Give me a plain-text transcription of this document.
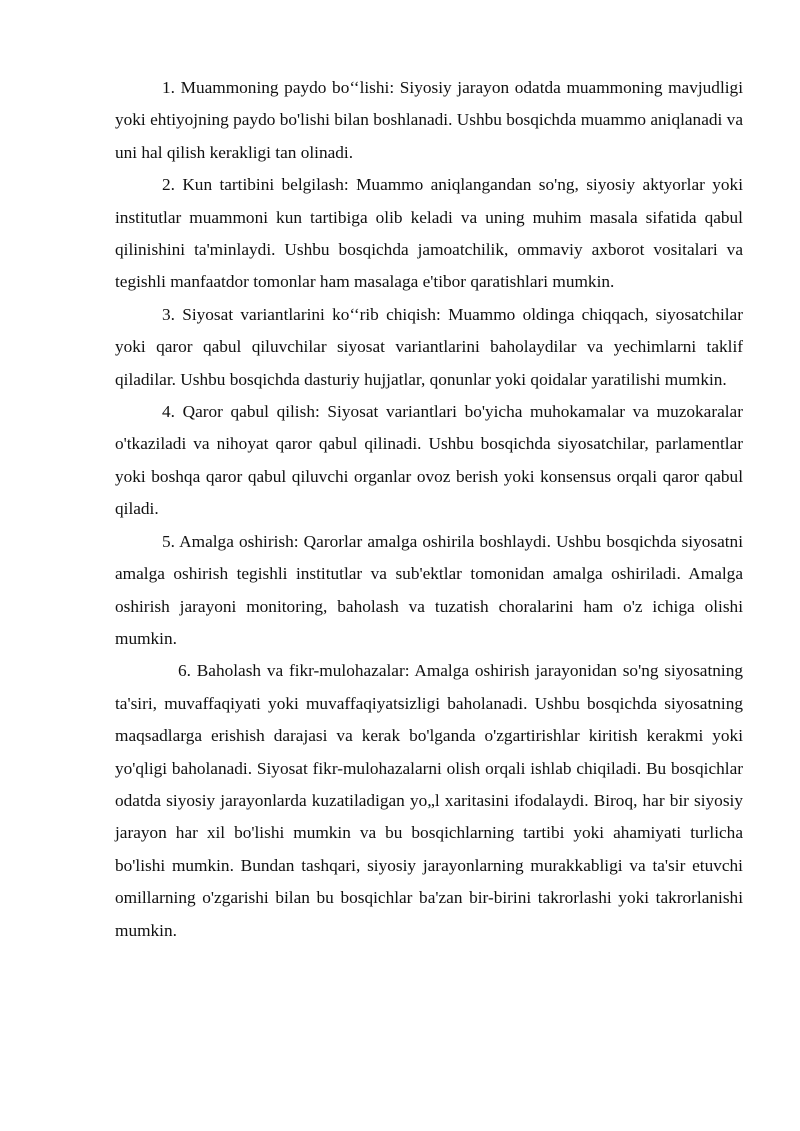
1. Muammoning paydo bo‘‘lishi: Siyosiy jarayon odatda muammoning mavjudligi yoki ehtiyojning paydo bo'lishi bilan boshlanadi. Ushbu bosqichda muammo aniqlanadi va uni hal qilish kerakligi tan olinadi.

2. Kun tartibini belgilash: Muammo aniqlangandan so'ng, siyosiy aktyorlar yoki institutlar muammoni kun tartibiga olib keladi va uning muhim masala sifatida qabul qilinishini ta'minlaydi. Ushbu bosqichda jamoatchilik, ommaviy axborot vositalari va tegishli manfaatdor tomonlar ham masalaga e'tibor qaratishlari mumkin.

3. Siyosat variantlarini ko‘‘rib chiqish: Muammo oldinga chiqqach, siyosatchilar yoki qaror qabul qiluvchilar siyosat variantlarini baholaydilar va yechimlarni taklif qiladilar. Ushbu bosqichda dasturiy hujjatlar, qonunlar yoki qoidalar yaratilishi mumkin.

4. Qaror qabul qilish: Siyosat variantlari bo'yicha muhokamalar va muzokaralar o'tkaziladi va nihoyat qaror qabul qilinadi. Ushbu bosqichda siyosatchilar, parlamentlar yoki boshqa qaror qabul qiluvchi organlar ovoz berish yoki konsensus orqali qaror qabul qiladi.

5. Amalga oshirish: Qarorlar amalga oshirila boshlaydi. Ushbu bosqichda siyosatni amalga oshirish tegishli institutlar va sub'ektlar tomonidan amalga oshiriladi. Amalga oshirish jarayoni monitoring, baholash va tuzatish choralarini ham o'z ichiga olishi mumkin.

6. Baholash va fikr-mulohazalar: Amalga oshirish jarayonidan so'ng siyosatning ta'siri, muvaffaqiyati yoki muvaffaqiyatsizligi baholanadi. Ushbu bosqichda siyosatning maqsadlarga erishish darajasi va kerak bo'lganda o'zgartirishlar kiritish kerakmi yoki yo'qligi baholanadi. Siyosat fikr-mulohazalarni olish orqali ishlab chiqiladi. Bu bosqichlar odatda siyosiy jarayonlarda kuzatiladigan yo„l xaritasini ifodalaydi. Biroq, har bir siyosiy jarayon har xil bo'lishi mumkin va bu bosqichlarning tartibi yoki ahamiyati turlicha bo'lishi mumkin. Bundan tashqari, siyosiy jarayonlarning murakkabligi va ta'sir etuvchi omillarning o'zgarishi bilan bu bosqichlar ba'zan bir-birini takrorlashi yoki takrorlanishi mumkin.
